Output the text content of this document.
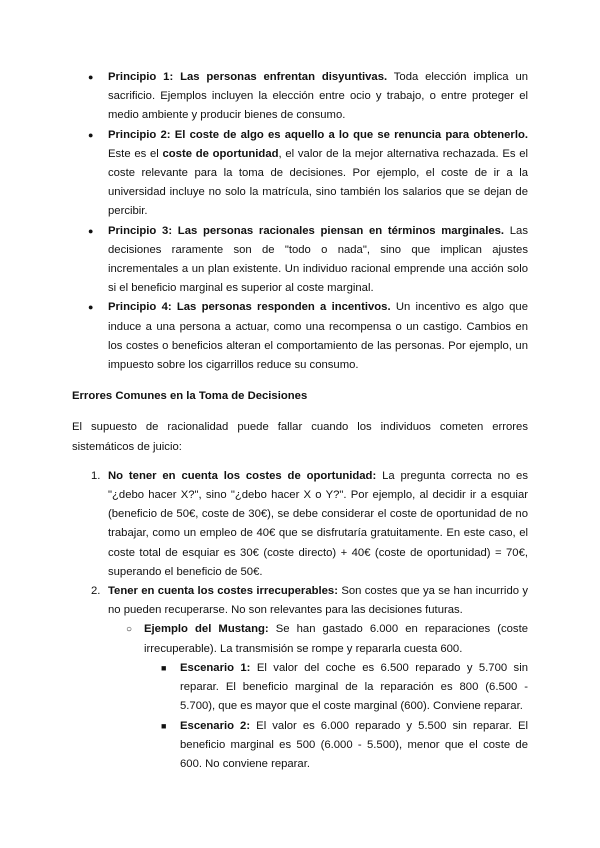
● Principio 1: Las personas enfrentan disyuntivas. Toda elección implica un sacrificio. Ejemplos incluyen la elección entre ocio y trabajo, o entre proteger el medio ambiente y producir bienes de consumo.

● Principio 2: El coste de algo es aquello a lo que se renuncia para obtenerlo. Este es el coste de oportunidad, el valor de la mejor alternativa rechazada. Es el coste relevante para la toma de decisiones. Por ejemplo, el coste de ir a la universidad incluye no solo la matrícula, sino también los salarios que se dejan de percibir.

● Principio 3: Las personas racionales piensan en términos marginales. Las decisiones raramente son de "todo o nada", sino que implican ajustes incrementales a un plan existente. Un individuo racional emprende una acción solo si el beneficio marginal es superior al coste marginal.

● Principio 4: Las personas responden a incentivos. Un incentivo es algo que induce a una persona a actuar, como una recompensa o un castigo. Cambios en los costes o beneficios alteran el comportamiento de las personas. Por ejemplo, un impuesto sobre los cigarrillos reduce su consumo.

Errores Comunes en la Toma de Decisiones

El supuesto de racionalidad puede fallar cuando los individuos cometen errores sistemáticos de juicio:

1. No tener en cuenta los costes de oportunidad: La pregunta correcta no es "¿debo hacer X?", sino "¿debo hacer X o Y?". Por ejemplo, al decidir ir a esquiar (beneficio de 50€, coste de 30€), se debe considerar el coste de oportunidad de no trabajar, como un empleo de 40€ que se disfrutaría gratuitamente. En este caso, el coste total de esquiar es 30€ (coste directo) + 40€ (coste de oportunidad) = 70€, superando el beneficio de 50€.

2. Tener en cuenta los costes irrecuperables: Son costes que ya se han incurrido y no pueden recuperarse. No son relevantes para las decisiones futuras.

○ Ejemplo del Mustang: Se han gastado 6.000 en reparaciones (coste irrecuperable). La transmisión se rompe y repararla cuesta 600.

■ Escenario 1: El valor del coche es 6.500 reparado y 5.700 sin reparar. El beneficio marginal de la reparación es 800 (6.500 - 5.700), que es mayor que el coste marginal (600). Conviene reparar.

■ Escenario 2: El valor es 6.000 reparado y 5.500 sin reparar. El beneficio marginal es 500 (6.000 - 5.500), menor que el coste de 600. No conviene reparar.
